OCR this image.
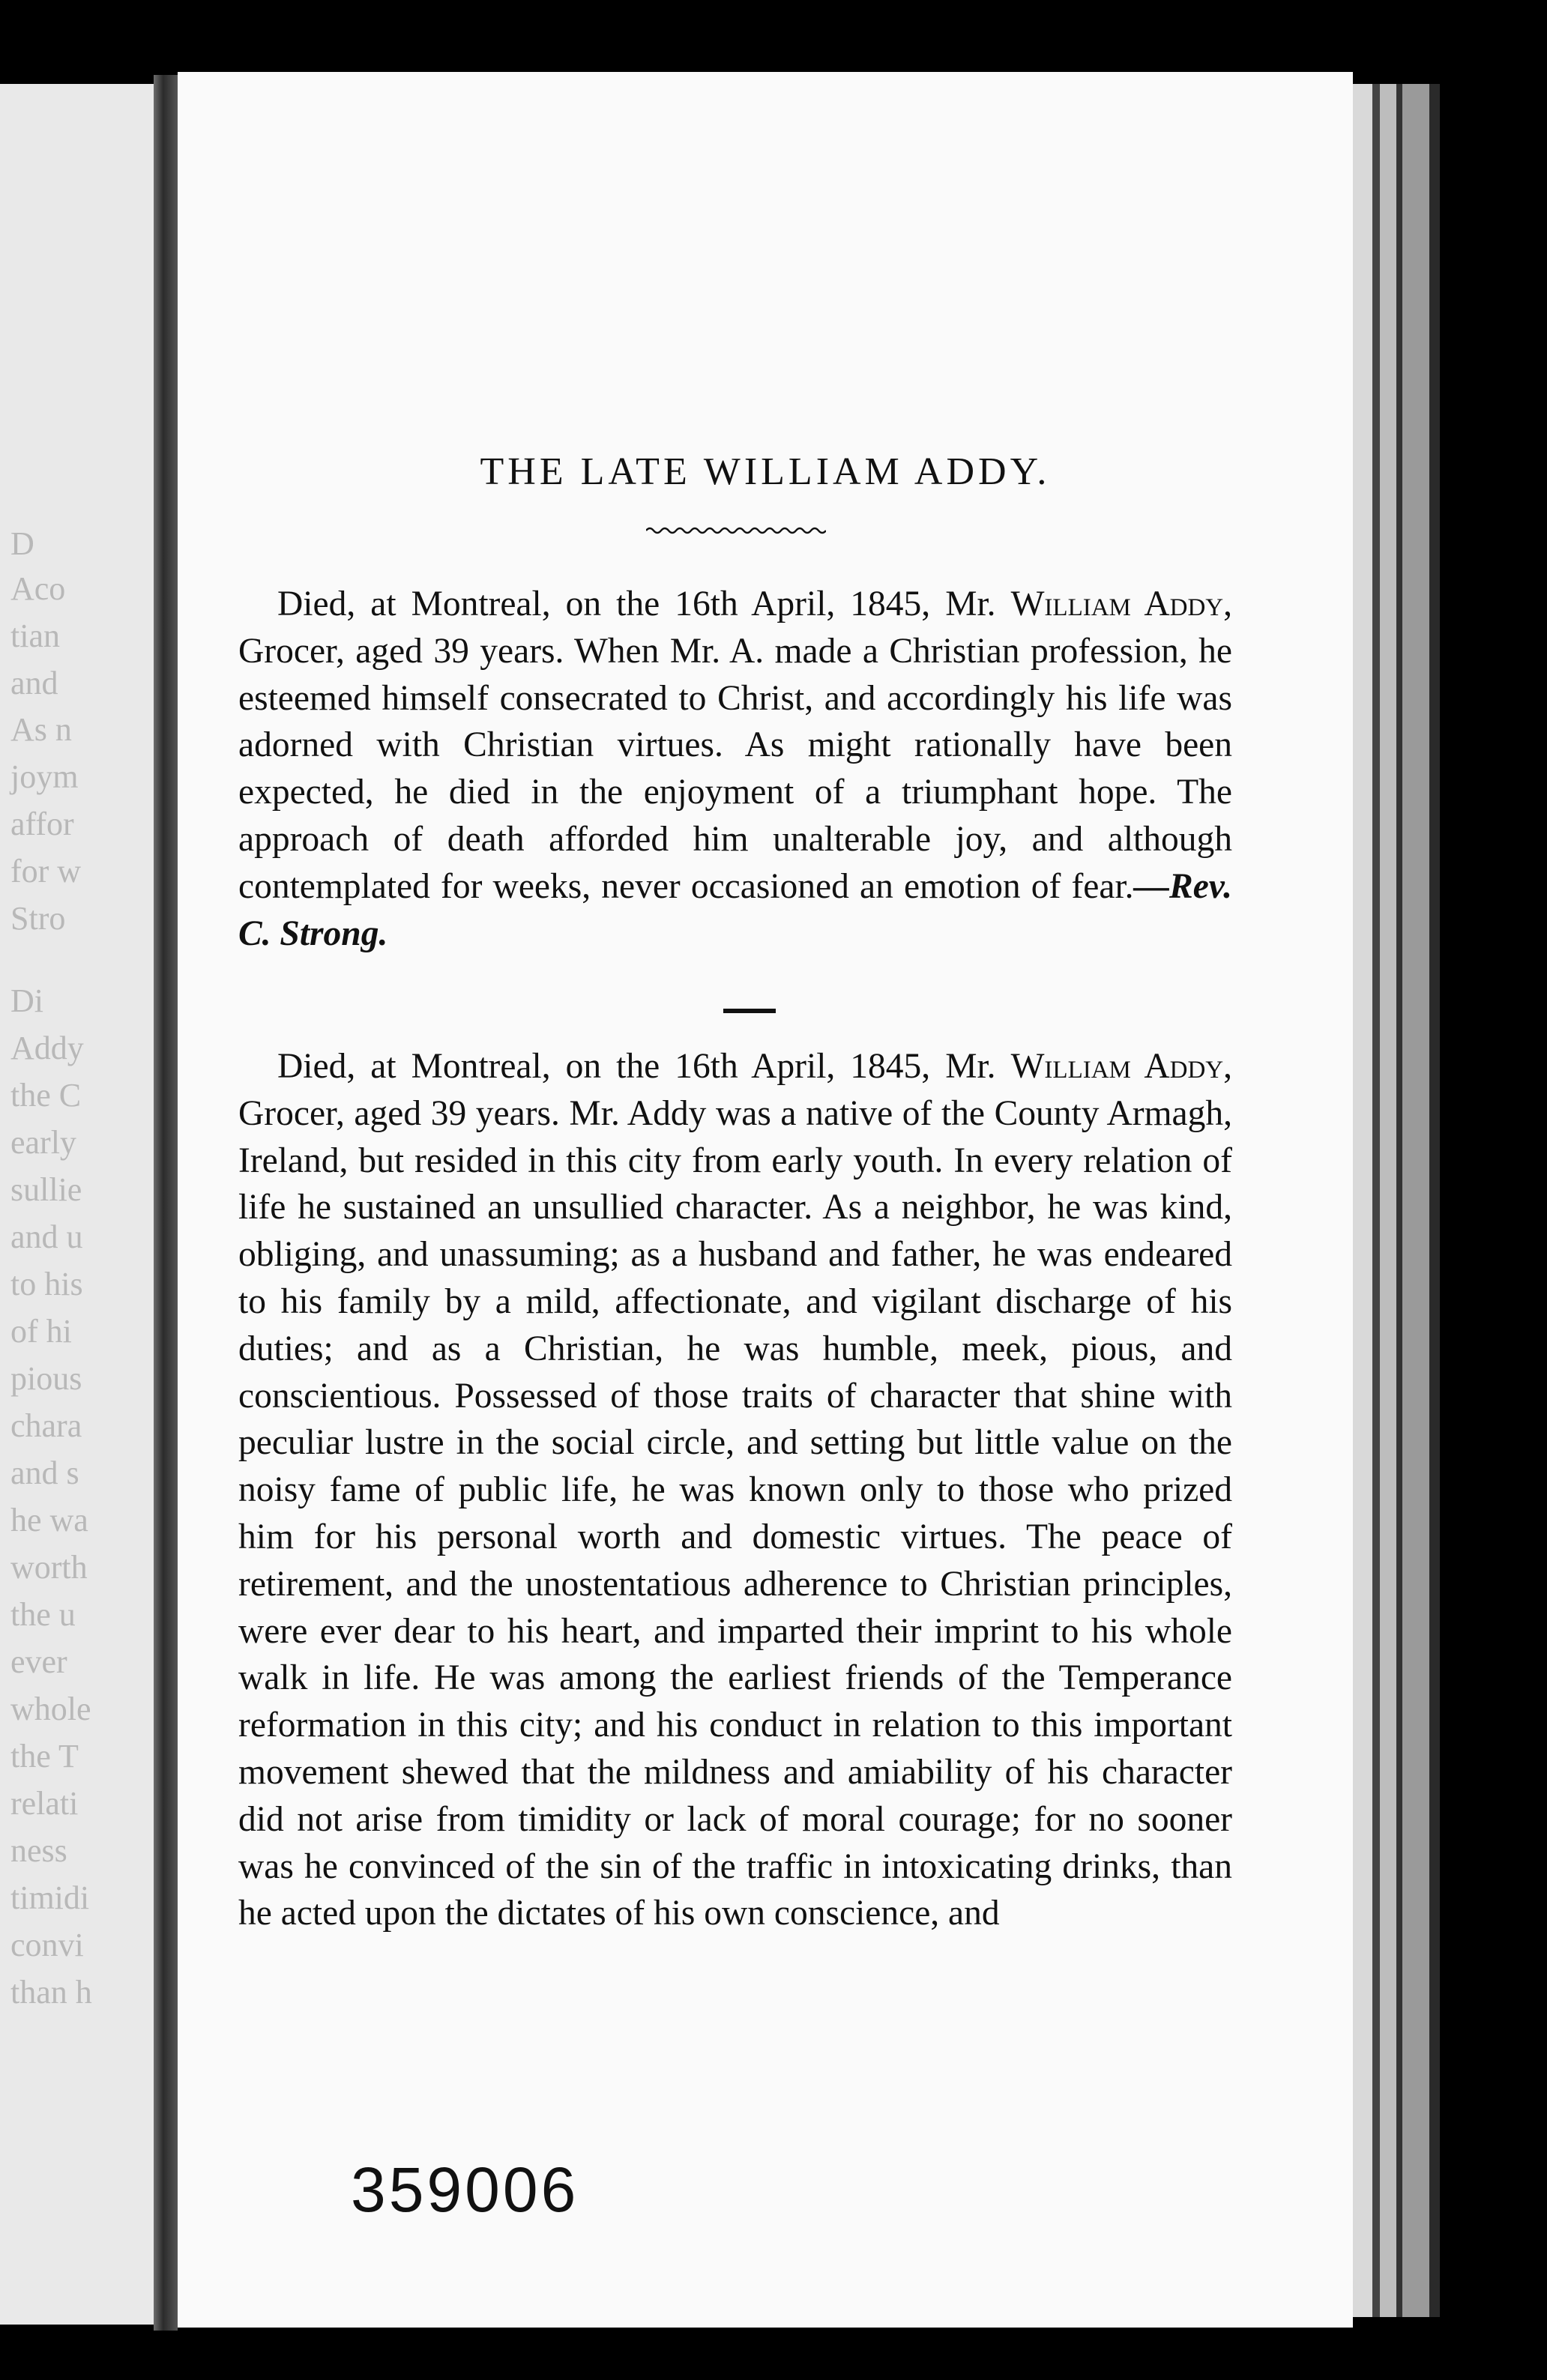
D
Aco
tian
and
As n
joym
affor
for w
Stro
Di
Addy
the C
early
sullie
and u
to his
of hi
pious
chara
and s
he wa
worth
the u
ever
whole
the T
relati
ness
timidi
convi
than h
THE LATE WILLIAM ADDY.
Died, at Montreal, on the 16th April, 1845, Mr. William Addy, Grocer, aged 39 years. When Mr. A. made a Christian profession, he esteemed himself consecrated to Christ, and accordingly his life was adorned with Christian virtues. As might rationally have been expected, he died in the enjoyment of a triumphant hope. The approach of death afforded him unalterable joy, and although contemplated for weeks, never occasioned an emotion of fear.—Rev. C. Strong.
Died, at Montreal, on the 16th April, 1845, Mr. William Addy, Grocer, aged 39 years. Mr. Addy was a native of the County Armagh, Ireland, but resided in this city from early youth. In every relation of life he sustained an unsullied character. As a neighbor, he was kind, obliging, and unassuming; as a husband and father, he was endeared to his family by a mild, affectionate, and vigilant discharge of his duties; and as a Christian, he was humble, meek, pious, and conscientious. Possessed of those traits of character that shine with peculiar lustre in the social circle, and setting but little value on the noisy fame of public life, he was known only to those who prized him for his personal worth and domestic virtues. The peace of retirement, and the unostentatious adherence to Christian principles, were ever dear to his heart, and imparted their imprint to his whole walk in life. He was among the earliest friends of the Temperance reformation in this city; and his conduct in relation to this important movement shewed that the mildness and amiability of his character did not arise from timidity or lack of moral courage; for no sooner was he convinced of the sin of the traffic in intoxicating drinks, than he acted upon the dictates of his own conscience, and
359006
